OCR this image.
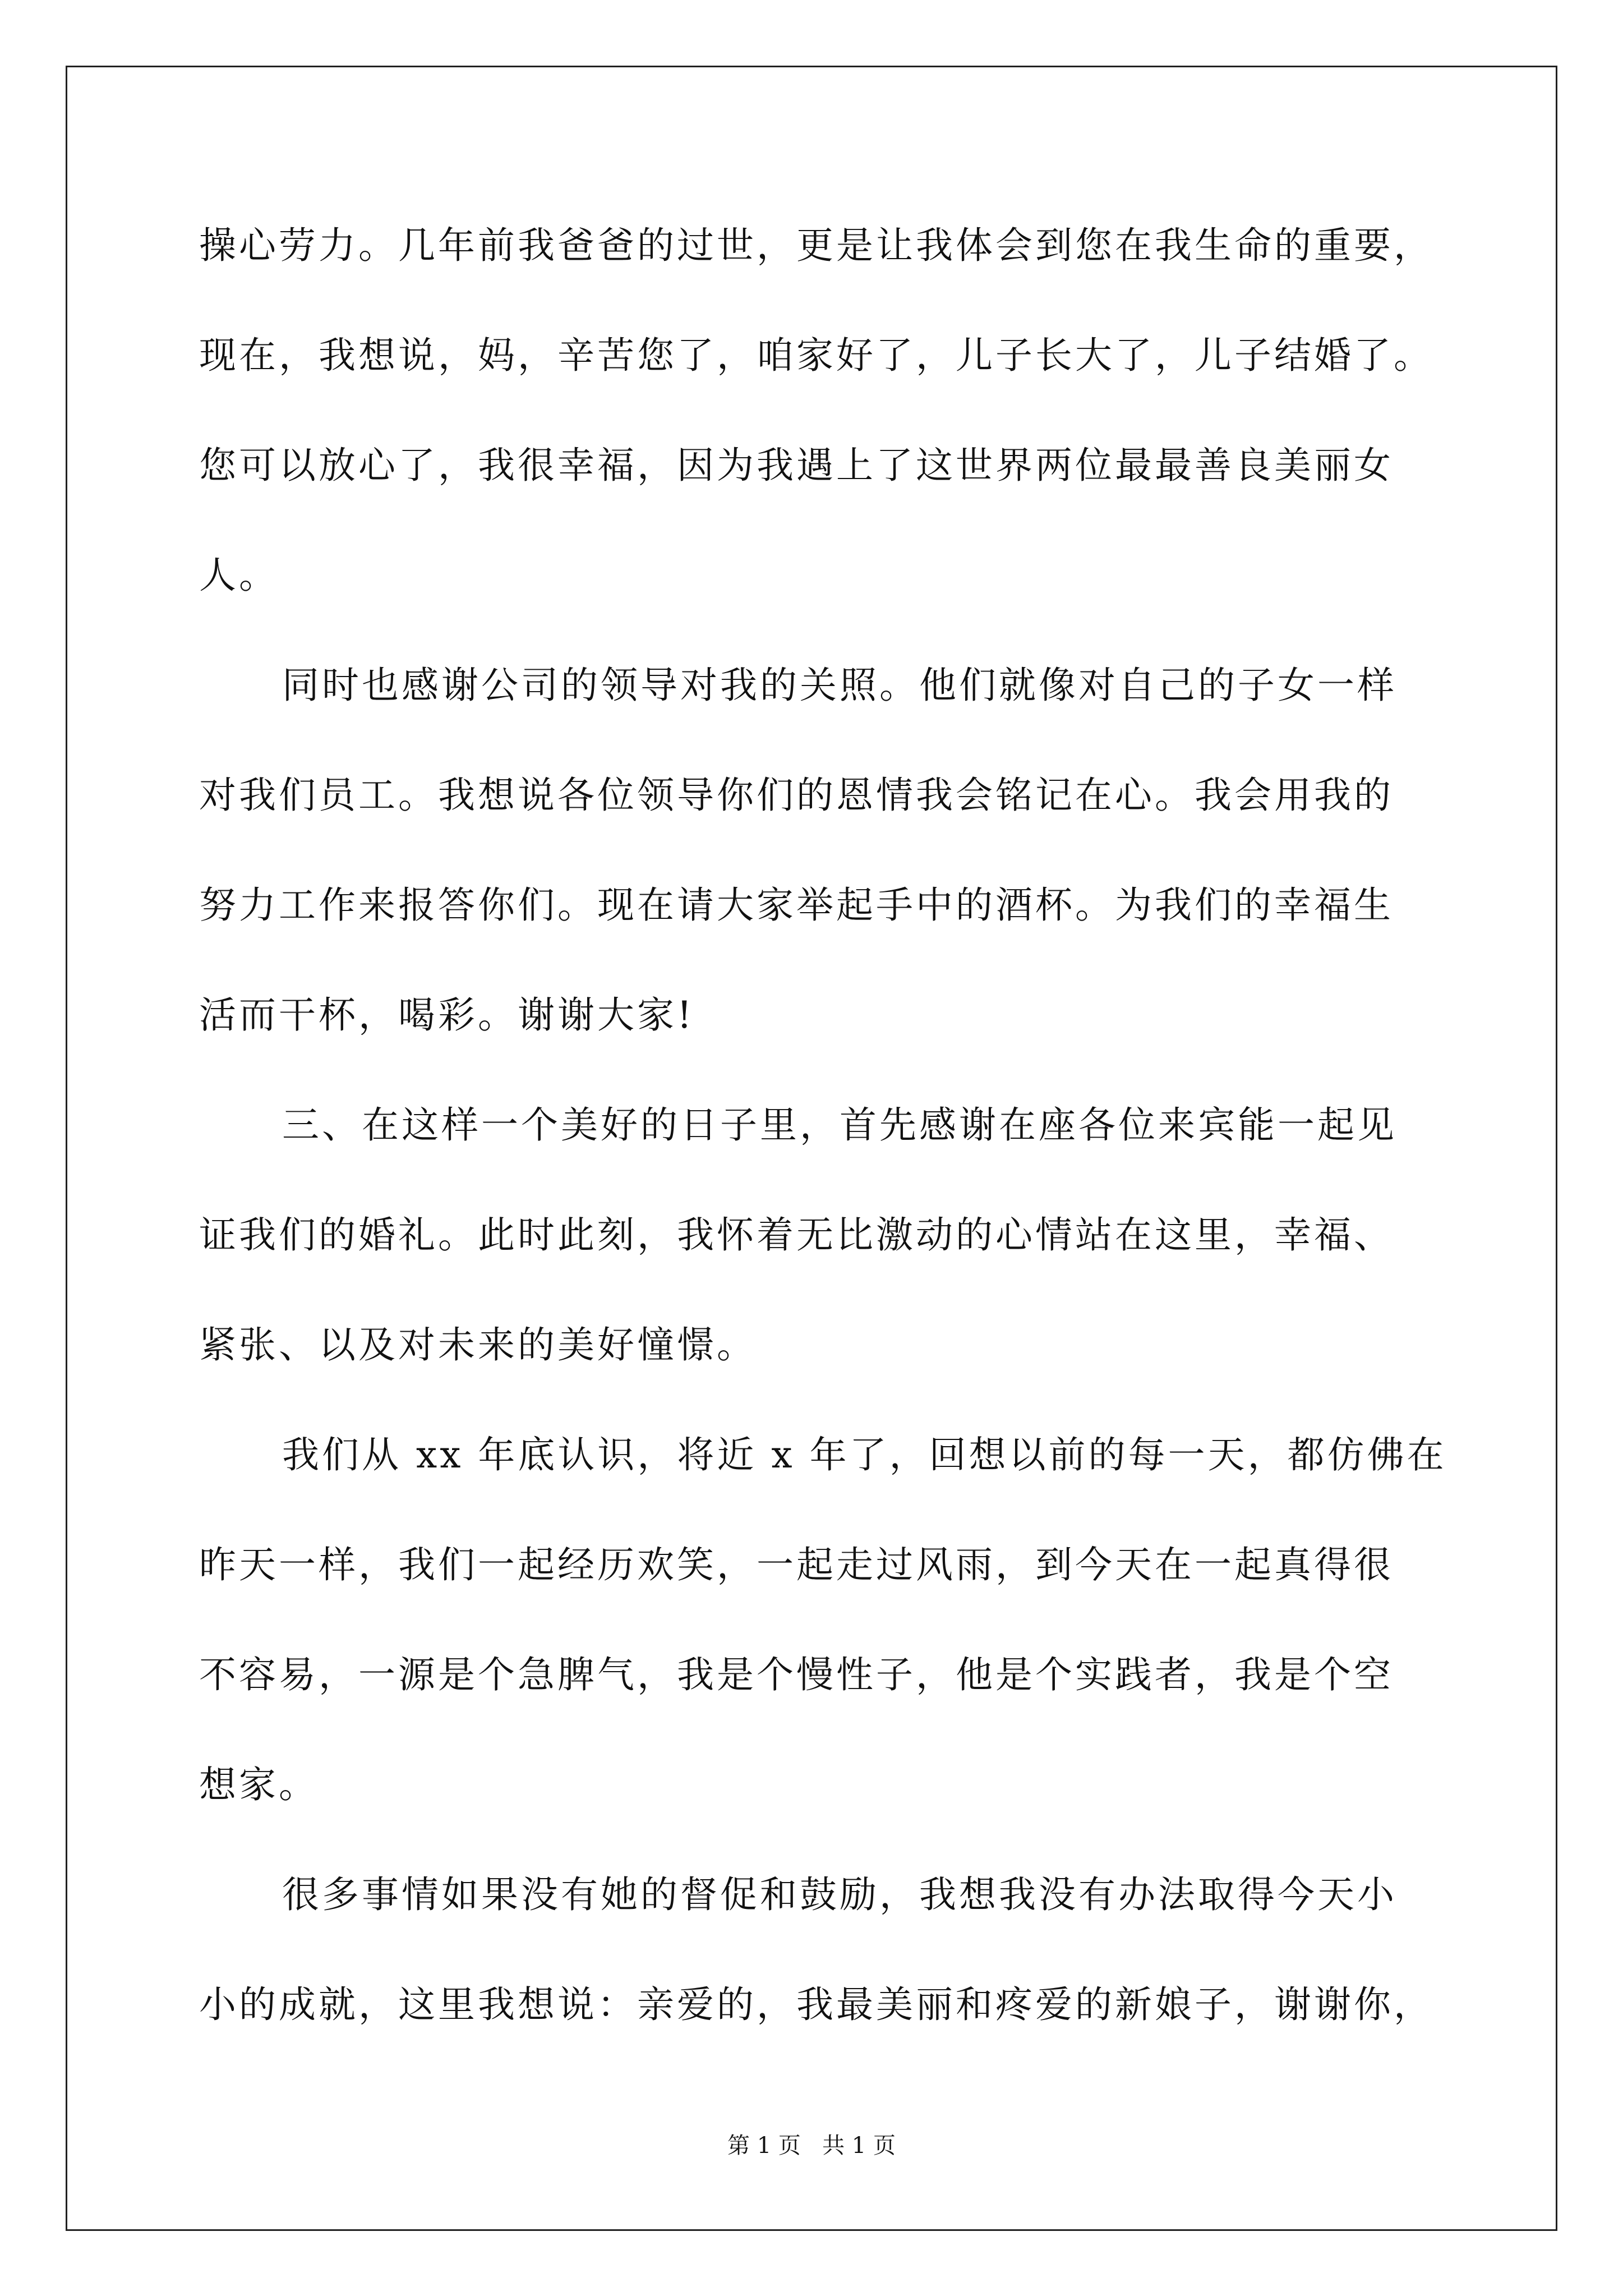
操心劳力。几年前我爸爸的过世，更是让我体会到您在我生命的重要，
现在，我想说，妈，辛苦您了，咱家好了，儿子长大了，儿子结婚了。
您可以放心了，我很幸福，因为我遇上了这世界两位最最善良美丽女
人。
同时也感谢公司的领导对我的关照。他们就像对自己的子女一样
对我们员工。我想说各位领导你们的恩情我会铭记在心。我会用我的
努力工作来报答你们。现在请大家举起手中的酒杯。为我们的幸福生
活而干杯，喝彩。谢谢大家!
三、在这样一个美好的日子里，首先感谢在座各位来宾能一起见
证我们的婚礼。此时此刻，我怀着无比激动的心情站在这里，幸福、
紧张、以及对未来的美好憧憬。
我们从 xx 年底认识，将近 x 年了，回想以前的每一天，都仿佛在
昨天一样，我们一起经历欢笑，一起走过风雨，到今天在一起真得很
不容易，一源是个急脾气，我是个慢性子，他是个实践者，我是个空
想家。
很多事情如果没有她的督促和鼓励，我想我没有办法取得今天小
小的成就，这里我想说：亲爱的，我最美丽和疼爱的新娘子，谢谢你，
第 1 页   共 1 页
